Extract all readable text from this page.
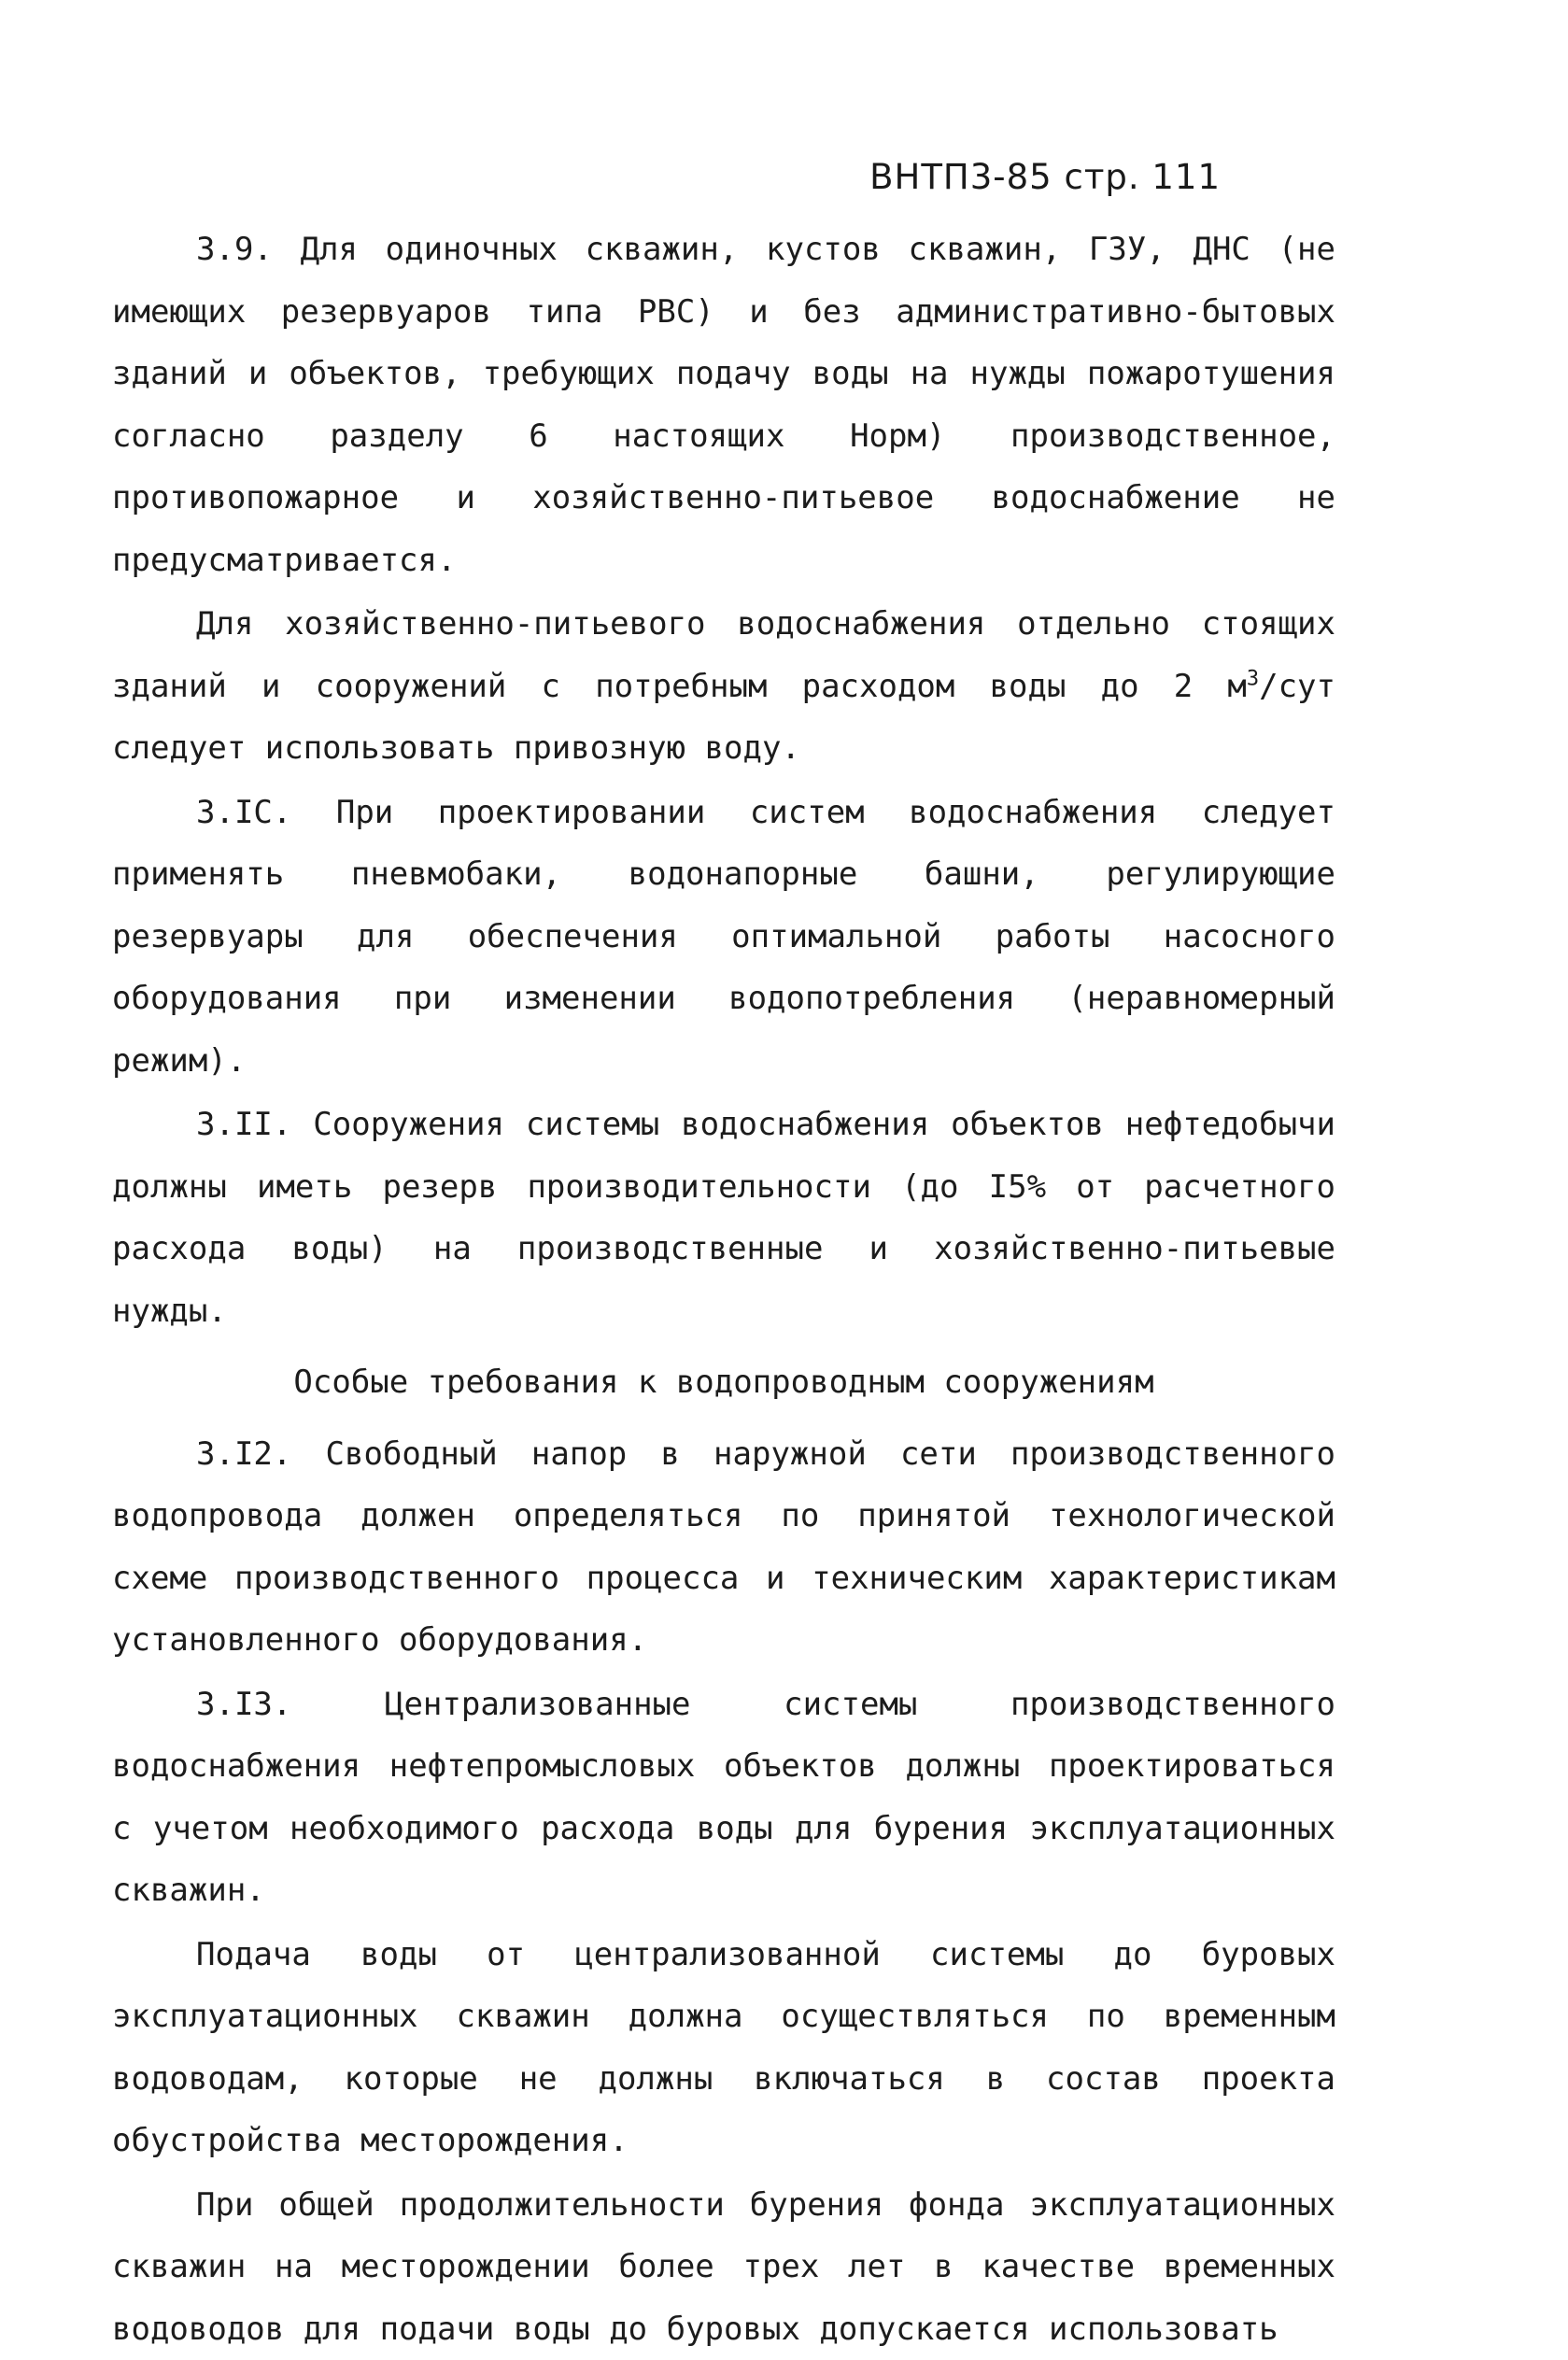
ВНТП3-85 стр. 111

3.9. Для одиночных скважин, кустов скважин, ГЗУ, ДНС (не имеющих резервуаров типа РВС) и без административно-бытовых зданий и объектов, требующих подачу воды на нужды пожаротушения согласно разделу 6 настоящих Норм) производственное, противопожарное и хозяйственно-питьевое водоснабжение не предусматривается.

Для хозяйственно-питьевого водоснабжения отдельно стоящих зданий и сооружений с потребным расходом воды до 2 $м^3$/сут следует использовать привозную воду.

3.IC. При проектировании систем водоснабжения следует применять пневмобаки, водонапорные башни, регулирующие резервуары для обеспечения оптимальной работы насосного оборудования при изменении водопотребления (неравномерный режим).

3.II. Сооружения системы водоснабжения объектов нефтедобычи должны иметь резерв производительности (до I5% от расчетного расхода воды) на производственные и хозяйственно-питьевые нужды.

Особые требования к водопроводным сооружениям

3.I2. Свободный напор в наружной сети производственного водопровода должен определяться по принятой технологической схеме производственного процесса и техническим характеристикам установленного оборудования.

3.I3.	Централизованные системы производственного водоснабжения нефтепромысловых объектов должны проектироваться с учетом необходимого расхода воды для бурения эксплуатационных скважин.

Подача воды от централизованной системы до буровых эксплуатационных скважин должна осуществляться по временным водоводам, которые не должны включаться в состав проекта обустройства месторождения.

При общей продолжительности бурения фонда эксплуатационных скважин на месторождении более трех лет в качестве временных водоводов для подачи воды до буровых допускается использовать
